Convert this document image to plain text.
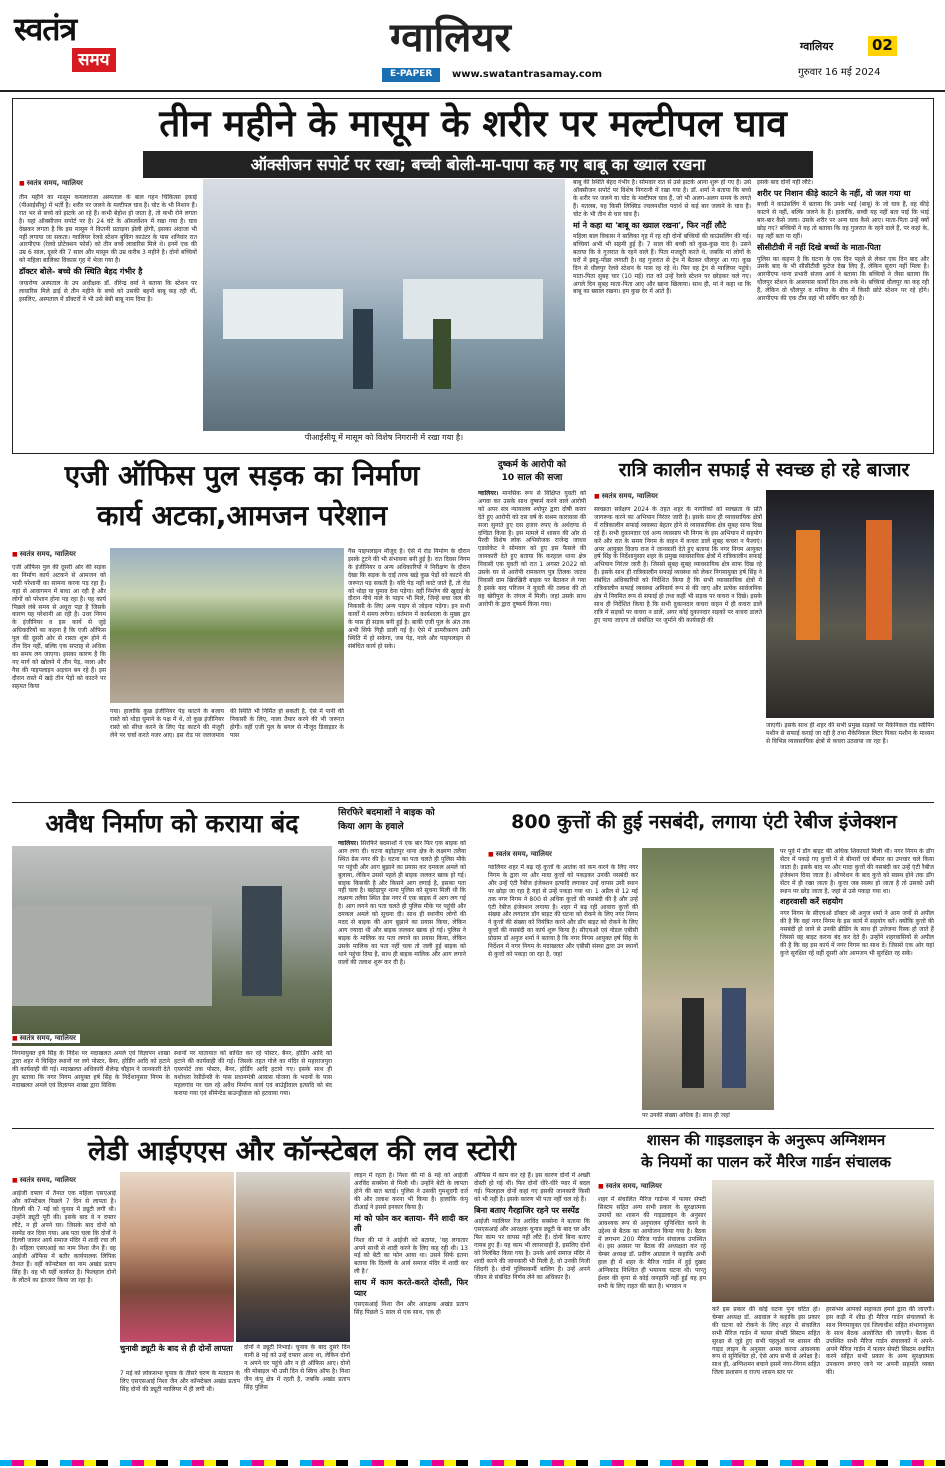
स्वतंत्र
समय	ग्वालियर
E-PAPER	www.swatantrasamay.com
ग्वालियर	02
गुरुवार 16 मई 2024
तीन महीने के मासूम के शरीर पर मल्टीपल घाव
ऑक्सीजन सपोर्ट पर रखा; बच्ची बोली-मा-पापा कह गए बाबू का ख्याल रखना
■ स्वतंत्र समय, ग्वालियर

तीन महीने का मासूम कमलाराजा अस्पताल के बाल गहन चिकित्सा इकाई (पीआईसीयू) में भर्ती है। शरीर पर जलने के मल्टीपल घाव हैं। चोट के भी निशान हैं। रात भर से बच्चे को झटके आ रहे हैं। कभी बेहोश हो जाता है, तो कभी रोने लगता है। यहां ऑक्सीजन सपोर्ट पर है। 24 घंटे के ऑब्जर्वेशन में रखा गया है। घाव देखकर लगता है कि इस मासूम ने कितनी प्रताड़ना झेली होगी, इसका अंदाजा भी नहीं लगाया जा सकता। ग्वालियर रेलवे स्टेशन बुकिंग काउंटर के पास शनिवार रात आरपीएफ (रेलवे प्रोटेक्शन फोर्स) को तीन बच्चे लावारिस मिले थे। इनमें एक की उम्र 6 साल, दूसरे की 7 साल और मासूम की उम्र करीब 3 महीने है। दोनों बच्चियों को महिला बालिका विकास गृह में भेजा गया है।

डॉक्टर बोले- बच्चे की स्थिति बेहद गंभीर है

जयारोग्य अस्पताल के उप अधीक्षक डॉ. वीरेन्द्र वर्मा ने बताया कि स्टेशन पर लावारिस मिले ढाई से तीन महीने के बच्चे को उसकी बहनों बाबू कह रही थीं, इसलिए, अस्पताल में डॉक्टरों ने भी उसे बेबी बाबू नाम दिया है।

पीआईसीयू में मासूम को विशेष निगरानी में रखा गया है।

बाबू की स्थिति बेहद गंभीर है। सोमवार रात से उसे झटके आना शुरू हो गए हैं। उसे ऑक्सीजन सपोर्ट पर विशेष निगरानी में रखा गया है। डॉ. शर्मा ने बताया कि बच्चे के शरीर पर जलने या चोट के मल्टीपल घाव हैं, जो भी अलग-अलग समय के लगते हैं। मतलब, यह किसी लिक्विड ज्वलनशील पदार्थ से कई बार जलाने के घाव हैं। चोट के भी तीन से चार घाव हैं।

मां ने कहा था 'बाबू का ख्याल रखना', फिर नहीं लौटे

महिला बाल विकास ने बालिका गृह में रह रही दोनों बच्चियों की काउंसलिंग की गई। बच्चियां अभी भी सहमी हुई हैं। 7 साल की बच्ची को कुछ-कुछ याद है। उसने बताया कि वे गुजरात के रहने वाले हैं। पिता मजदूरी करते थे, जबकि मां लोगों के घरों में झाडू-पोंछा लगाती है। वह गुजरात से ट्रेन में बैठकर धौलपुर आ गए। कुछ दिन से धौलपुर रेलवे स्टेशन के पास रह रहे थे। फिर वह ट्रेन से ग्वालियर पहुंचे। माता-पिता सुबह चार (10 मई) रात को उन्हें रेलवे स्टेशन पर छोड़कर चले गए। अगले दिन सुबह माता-पिता आए और खाना खिलाया। साथ ही, मां ने कहा था कि बाबू का ख्याल रखना। हम कुछ देर में आते हैं।

इसके बाद दोनों नहीं लौटे।

शरीर पर निशान कीड़े काटने के नहीं, वो जल गया था

बच्ची ने काउंसलिंग में बताया कि उनके भाई (बाबू) के जो घाव हैं, वह कीड़े काटने से नहीं, बल्कि जलने के हैं। हालांकि, बच्ची यह नहीं बता पाई कि भाई बार-बार कैसे जला। उसके शरीर पर अन्य घाव कैसे आए। माता-पिता उन्हें क्यों छोड़ गए? बच्चियों ने यह तो बताया कि वह गुजरात के रहने वाले हैं, पर कहां के, यह नहीं बता पा रहीं।

सीसीटीवी में नहीं दिखे बच्चों के माता-पिता

पुलिस का कहना है कि घटना के एक दिन पहले से लेकर एक दिन बाद और उसके बाद के भी सीसीटीवी फुटेज देख लिए हैं, लेकिन सुराग नहीं मिला है। आरपीएफ थाना प्रभारी संजय आर्य ने बताया कि बच्चियों ने जैसा बताया कि धौलपुर स्टेशन के आसपास कार्यों दिन तक रुके थे। बच्चियां धौलपुर का कह रही हैं, लेकिन वो धौलपुर व मनिया के बीच में किसी छोटे स्टेशन पर रहे होंगे। आरपीएफ की एक टीम वहां भी सर्चिंग कर रही है।

एजी ऑफिस पुल सड़क का निर्माण
कार्य अटका,आमजन परेशान
■ स्वतंत्र समय, ग्वालियर
एजी ऑफिस पुल की दूसरी ओर की सड़क का निर्माण कार्य अटकने से आमजन को भारी परेशानी का सामना करना पड़ रहा है। यहां से आवागमन में बाधा आ रही है और लोगों को परेशान होना पड़ रहा है। यह कार्य पिछले लंबे समय से अधूरा पड़ा है जिसके कारण यह परेशानी आ रही है। उधर निगम के इंजीनियर व इस कार्य से जुड़े अधिकारियों का कहना है कि एजी ऑफिस पुल की दूसरी ओर से रास्ता शुरू होने में तीन दिन नहीं, बल्कि एक सप्ताह से अधिक का समय लग जाएगा। इसका कारण है कि नए मार्ग को खोलने में तीन पेड़, नाला और गैस की पाइपलाइन अड़चन बन रहे हैं। इस दौरान रास्ते में खड़े तीन पेड़ों को काटने पर सहमत किया
गया। हालांकि कुछ इंजीनियर पेड़ काटने के बजाय रास्ते को थोड़ा घुमाने के पक्ष में थे, तो कुछ इंजीनियर रास्ते को सीधा करने के लिए पेड़ काटने की मंजूरी लेने पर चर्चा करते नजर आए। इस रोड पर जलजमाव की स्थिति भी निर्मित हो सकती है, ऐसे में पानी की निकासी के लिए, नाला तैयार करने की भी जरूरत होगी। वहीं एजी पुल के बगल से मौजूद डिवाइडर के पास
गैस पाइपलाइन मौजूद है। ऐसे में रोड निर्माण के दौरान इसके टूटने की भी संभावना बनी हुई है। रात दिवस निगम के इंजीनियर व अन्य अधिकारियों ने निरीक्षण के दौरान देखा कि सड़क के दाईं तरफ खड़े कुछ पेड़ों को काटने की जरूरत पड़ सकती है। यदि पेड़ नहीं काटे जाते हैं, तो रोड को थोड़ा या घुमाव देना पड़ेगा। वहीं निर्माण की खुदाई के दौरान नीचे नाले के पाइप भी मिले, जिन्हें बचा जल की निकासी के लिए अन्य पाइप से जोड़ना पड़ेगा। इन सभी कार्यों में समय लगेगा। वर्तमान में कार्यशाला के मुख्य द्वार के पास ही सड़क बनी हुई है। बाकी एजी पुल के अंत तक अभी सिर्फ गिट्टी डाली गई है। ऐसे में डामरीकरण उसी स्थिति में हो सकेगा, जब पेड़, नाले और पाइपलाइन से संबंधित कार्य हो सके।
दुष्कर्म के आरोपी को
10 साल की सजा
ग्वालियर। मानसिक रूप से विक्षिप्त युवती को अगवा कर उसके साथ दुष्कर्म करने वाले आरोपी को अपर सत्र न्यायालय श्योपुर द्वारा दोषी करार देते हुए आरोपी को दस वर्ष के सश्रम कारावास की सजा सुनाते हुए दस हजार रुपए के अर्थदण्ड से दण्डित किया है। इस मामले में शासन की ओर से पैरवी विशेष लोक अभियोजक राजेन्द्र जाधव एडवोकेट ने सोमवार को हुए इस फैसले की जानकारी देते हुए बताया कि करहाल थाना क्षेत्र निवासी एक युवती को रात 1 अगस्त 2022 को उसके घर से आरोपी रामकरण पुत्र तिलक जाटव निवासी ग्राम खिरखिरी बाइक पर बैठाकर ले गया है इसके बाद परिजन ने युवती की तलाश की तो वह खेरीपुरा के जंगल में मिली। जहां उसके साथ आरोपी के द्वारा दुष्कर्म किया गया।
रात्रि कालीन सफाई से स्वच्छ हो रहे बाजार
■ स्वतंत्र समय, ग्वालियर
स्वच्छता सर्वेक्षण 2024 के तहत शहर के नागरिकों को स्वच्छता के प्रति जागरूक करने का अभियान निरंतर जारी है। इसके साथ ही व्यावसायिक क्षेत्रों में रात्रिकालीन सफाई व्यवस्था बेहतर होने से व्यावसायिक क्षेत्र सुबह साफ दिख रहे हैं। सभी दुकानदार एवं अन्य व्यवसाय भी निगम के इस अभियान में सहयोग करें और रात के समय निगम के वाहन में कचरा डालें सुबह कचरा न फैलाएं। अपर आयुक्त विजय राज ने जानकारी देते हुए बताया कि नगर निगम आयुक्त हर्ष सिंह के निर्देशानुसार शहर के प्रमुख व्यावसायिक क्षेत्रों में रात्रिकालीन सफाई अभियान निरंतर जारी है। जिससे सुबह सुबह व्यावसायिक क्षेत्र साफ दिख रहे हैं। इसके साथ ही रात्रिकालीन सफाई व्यवस्था को लेकर निगमायुक्त हर्ष सिंह ने संबंधित अधिकारियों को निर्देशित किया है कि सभी व्यावसायिक क्षेत्रों में रात्रिकालीन सफाई व्यवस्था अनिवार्य रूप से की जाए और प्रत्येक सार्वजनिक क्षेत्र में नियमित रूप से सफाई हो तथा कहीं भी सड़क पर कचरा न दिखे। इसके साथ ही निर्देशित किया है कि सभी दुकानदार कचरा वाहन में ही कचरा डालें रात्रि में सड़कों पर कचरा न डालें, अगर कोई दुकानदार सड़कों पर कचरा डालते हुए पाया जाएगा तो संबंधित पर जुर्माने की कार्यवाही की
जाएगी। इसके साथ ही शहर की सभी प्रमुख सड़कों पर मैकेनिकल रोड स्वीपिंग मशीन से सफाई कराई जा रही है तथा मैकेनिकल लिटर पिकर मशीन के माध्यम से विभिन्न व्यावसायिक क्षेत्रों से कचरा उठवाया जा रहा है।
अवैध निर्माण को कराया बंद
■ स्वतंत्र समय, ग्वालियर
निगमायुक्त हर्ष सिंह के निर्देश पर मदाखलत अमले एवं विज्ञापन शाखा द्वारा शहर में चिन्हित स्थानों पर लगे पोस्टर, बैनर, होर्डिंग आदि को हटाने की कार्यवाही की गई। मदाखलत अधिकारी शैलेन्द्र चौहान ने जानकारी देते हुए बताया कि नगर निगम आयुक्त हर्ष सिंह के निर्देशानुसार निगम के मदाखलत अमले एवं विज्ञापन शाखा द्वारा विधिक
स्थानों पर यातायात को बाधित कर रहे पोस्टर, बैनर, होर्डिंग आदि को हटाने की कार्यवाही की गई। जिसके तहत गोले का मंदिर से महाराजपुरा एयरपोर्ट तक पोस्टर, बैनर, होर्डिंग आदि हटाये गए। इसके साथ ही यशोधरा रेसीडेंन्सी के पास प्रधानमंत्री आवास योजना के भवनों के पास महलगांव पर चल रहे अवैध निर्माण कार्य एवं बाउंड्रीवाल इत्यादि को बंद कराया गया एवं सीमेन्टेड बाउन्ड्रीवाल को हटवाया गया।
सिरफिरे बदमाशों ने बाइक को
किया आग के हवाले
ग्वालियर। सिरफिरे बदमाशों ने एक बार फिर एक बाइक को आग लगा दी। घटना बहोड़ापुर थाना क्षेत्र के लक्ष्मण तलैया स्थित ग्रेस नगर की है। घटना का पता चलते ही पुलिस मौके पर पहुंची और आग बुझाने का प्रयास कर दमकल अमले को बुलाया, लेकिन उससे पहले ही बाइक जलकर खाक हो गई। बाइक किसकी है और किसने आग लगाई है, इसका पता नहीं चला है। बहोड़ापुर थाना पुलिस को सूचना मिली थी कि लक्ष्मण तलैया स्थित ग्रेस नगर में एक बाइक में आग लग गई है। आग लगने का पता चलते ही पुलिस मौके पर पहुंची और दमकल अमले को सूचना दी। साथ ही स्थानीय लोगों की मदद से बाइक की आग बुझाने का प्रयास किया, लेकिन आग ज्यादा थी और बाइक जलकर खाक हो गई। पुलिस ने बाइक के मालिक का पता लगाने का प्रयास किया, लेकिन उसके मालिक का पता नहीं चला तो जली हुई बाइक को थाने पहुंचा दिया है, साथ ही बाइक मालिक और आग लगाने वालों की तलाश शुरू कर दी है।
800 कुत्तों की हुई नसबंदी, लगाया एंटी रेबीज इंजेक्शन
■ स्वतंत्र समय, ग्वालियर
ग्वालियर शहर में बढ़ रहे कुत्तों के आतंक को कम करने के लिए नगर निगम के द्वारा नर और मादा कुत्तों को पकड़कर उनकी नसबंदी कर और उन्हें एंटी रैबीज इंजेक्शन इत्यादि लगाकर उन्हें वापस उसी स्थान पर छोड़ा जा रहा है यहां से उन्हें पकड़ा गया था। 1 अप्रैल से 12 मई तक नगर निगम ने 800 से अधिक कुत्तों की नसबंदी की है और उन्हें एंटी रेबीज इंजेक्शन लगाया है। शहर में बढ़ रही आवारा कुत्तों की संख्या और लगातार डॉग बाइट की घटना को रोकने के लिए नगर निगम ने कुत्तों की संख्या को नियंत्रित करने और डॉग बाइट को रोकने के लिए कुत्तों की नसबंदी का कार्य शुरू किया है। सीएचओ एवं नोडल एबीसी प्रोग्राम डॉ अनुज शर्मा ने बताया है कि नगर निगम आयुक्त हर्ष सिंह के निर्देशन में नगर निगम के मदाखलत और एबीसी संस्था द्वारा उन स्थानों से कुत्तों को पकड़ा जा रहा है, जहां
पर उनकी संख्या अधिक है। साथ ही जहां

पर पूर्व में डॉग बाइट की अधिक शिकायतें मिली थी। नगर निगम के डॉग सेंटर में पकड़े गए कुत्तों में से बीमारों एवं बीमार का उपचार चले किया जाता है। इसके बाद नर और मादा कुत्तों की नसबंदी कर उन्हें एंटी रैबीज इंजेक्शन दिया जाता है। ऑपरेशन के बाद कुत्ते को स्वस्थ होने तक डॉग सेंटर में ही रखा जाता है। कुत्ता जब स्वस्थ हो जाता है तो उसको उसी स्थान पर छोड़ जाता है, जहां से उसे पकड़ा गया था।

शहरवासी करें सहयोग

नगर निगम के सीएचओ डॉक्टर श्री अनुज शर्मा ने आम जनों से अपील की है कि वहां नगर निगम के इस कार्य में सहयोग करें। क्योंकि कुत्तों की नसबंदी हो जाने से उनकी ब्रीडिंग के साथ ही उत्तेजना रिस्क हो जाते हैं जिससे वह बाइट करना बंद कर देते हैं। उन्होंने शहरवासियों से अपील की है कि वह इस कार्य में नगर निगम का साथ दें। जिससे एक ओर यहां कुत्ते सुरक्षित रहें वहीं दूसरी ओर आमजन भी सुरक्षित रह सकें।

लेडी आईएएस और कॉन्स्टेबल की लव स्टोरी
■ स्वतंत्र समय, ग्वालियर
आईजी दफ्तर में तैनात एक महिला एसएआई और कॉन्स्टेबल पिछले 7 दिन से लापता है। दिल्ली की 7 मई को चुनाव में ड्यूटी लगी थी। उन्होंने ड्यूटी पूरी की। इसके बाद वे न दफ्तर लौटे, न ही अपने घर। जिसके बाद दोनों को सस्पेंड कर दिया गया। अब पता चला कि दोनों ने दिल्ली जाकर आर्य समाज मंदिर में शादी रचा ली है। महिला एसएआई का नाम निशा जैन हैं। वह आईजी ऑफिस में बतौर कार्यपालक लिपिक तैनात हैं। वहीं कॉन्स्टेबल का नाम अखंड प्रताप सिंह है। वह भी यहीं कार्यरत है। फिलहाल दोनों के लौटने का इंतजार किया जा रहा है।
चुनावी ड्यूटी के बाद से ही दोनों लापता
7 मई को लोकसभा चुनाव के तीसरे चरण के मतदान के लिए एसएसआई निशा जैन और कॉन्स्टेबल अखंड प्रताप सिंह दोनों की ड्यूटी ग्वालियर में ही लगी थी।
दोनों ने ड्यूटी निभाई। चुनाव के बाद दूसरे दिन यानी 8 मई को उन्हें दफ्तर आना था, लेकिन दोनों न अपने घर पहुंचे और न ही ऑफिस आए। दोनों की मोबाइल भी उसी दिन से स्विच ऑफ है। निशा जैन कंपू क्षेत्र में रहती है, जबकि अखंड प्रताप सिंह पुलिस

लाइन में रहता है। निशा की मां 8 मई को आईजी अरविंद सक्सेना से मिली थी। उन्होंने बेटी के लापता होने की बात बताई। पुलिस ने उसकी गुमशुदगी दर्ज की और तलाश करना भी किया है। हालांकि कंपू ठीआई ने इससे इनकार किया है।

मां को फोन कर बताया- मैंने शादी कर ली

निशा की मां ने आईजी को बताया, 'वह लगातार अपने साथी से शादी करने के लिए कह रही थी। 13 मई को बेटी का फोन आया था। उसने सिर्फ इतना बताया कि दिल्ली के आर्य समाज मंदिर में शादी कर ली है।'

साथ में काम करते-करते दोस्ती, फिर प्यार

एसएसआई निशा जैन और आरक्षक अखंड प्रताप सिंह पिछले 5 साल से एक साथ, एक ही

ऑफिस में काम कर रहे हैं। इस कारण दोनों में अच्छी दोस्ती हो गई थी। फिर दोनों धीरे-धीरे प्यार में बदल गई। फिलहाल दोनों कहां गए इसकी जानकारी किसी को भी नहीं है। इसके कारण भी पता नहीं चल रहे हैं।

बिना बताए गैरहाजिर रहने पर सस्पेंड

आईजी ग्वालियर रेंज अरविंद सक्सेना ने बताया कि एसएसआई और आरक्षक चुनाव ड्यूटी के बाद घर और फिर काम पर वापस नहीं लौटे हैं। दोनों बिना बताए गायब हुए हैं। यह काम भी लापरवाही है, इसलिए दोनों को निलंबित किया गया है। उनके आर्य समाज मंदिर में शादी करने की जानकारी भी मिली है, वो उनकी निजी जिंदगी है। दोनों पुलिसकर्मी बालिग हैं। उन्हें अपने जीवन से संबंधित निर्णय लेने का अधिकार है।

शासन की गाइडलाइन के अनुरूप अग्निशमन
के नियमों का पालन करें मैरिज गार्डन संचालक
■ स्वतंत्र समय, ग्वालियर
शहर में संचालित मैरिज गार्डन्स में फायर सेफ्टी सिस्टम सहित अन्य सभी प्रकार के सुरक्षात्मक उपायों का शासन की गाइडलाइन के अनुसार आवश्यक रूप से अनुपालन सुनिश्चित करने के उद्देश्य से बैठक का आयोजन किया गया है। बैठक में लगभग 200 मैरिज गार्डन संचालक उपस्थित थे। इस अवसर पर बैठक की अध्यक्षता कर रहे चेम्बर अध्यक्ष डॉ. प्रवीण अग्रवाल ने कहाकि अभी हाल ही में शहर के मैरिज गार्डन में हुई दुखद अग्निकांड निश्चित ही भयानक घटना थी। परन्तु ईश्वर की कृपा से कोई जनहानि नहीं हुई यह हम सभी के लिए राहत की बात है। भगवान न
करें इस प्रकार की कोई घटना पुनः घटित हो। चेम्बर अध्यक्ष डॉ. अग्रवाल ने कहाकि इस प्रकार की घटना को रोकने के लिए शहर में संचालित सभी मैरिज गार्डन में फायर सेफ्टी सिस्टम सहित सुरक्षा से जुड़े हुए सभी पहलुओं पर शासन की गाइड लाइन के अनुसार अमल करना आवश्यक रूप से सुनिश्चित हो, ऐसे आप सभी से अपेक्षा है। साथ ही, अग्निशमन बचाने इसमें नगर-निगम सहित जिला प्रशासन व राज्य शासन स्तर पर
हरसंभव आपको सहायता हमारे द्वारा की जाएगी। इस कड़ी में शीघ्र ही मैरिज गार्डन संचालकों के साथ निगमायुक्त एवं जिलाधीश सहित संभागायुक्त के साथ बैठक आयोजित की जाएगी। बैठक में उपस्थित सभी मैरिज गार्डन संचालकों ने अपने-अपने मैरिज गार्डन में फायर सेफ्टी सिस्टम स्थापित करने सहित सभी प्रकार के अन्य सुरक्षात्मक उपकरण लगाए जाने पर अपनी सहमति व्यक्त की।
